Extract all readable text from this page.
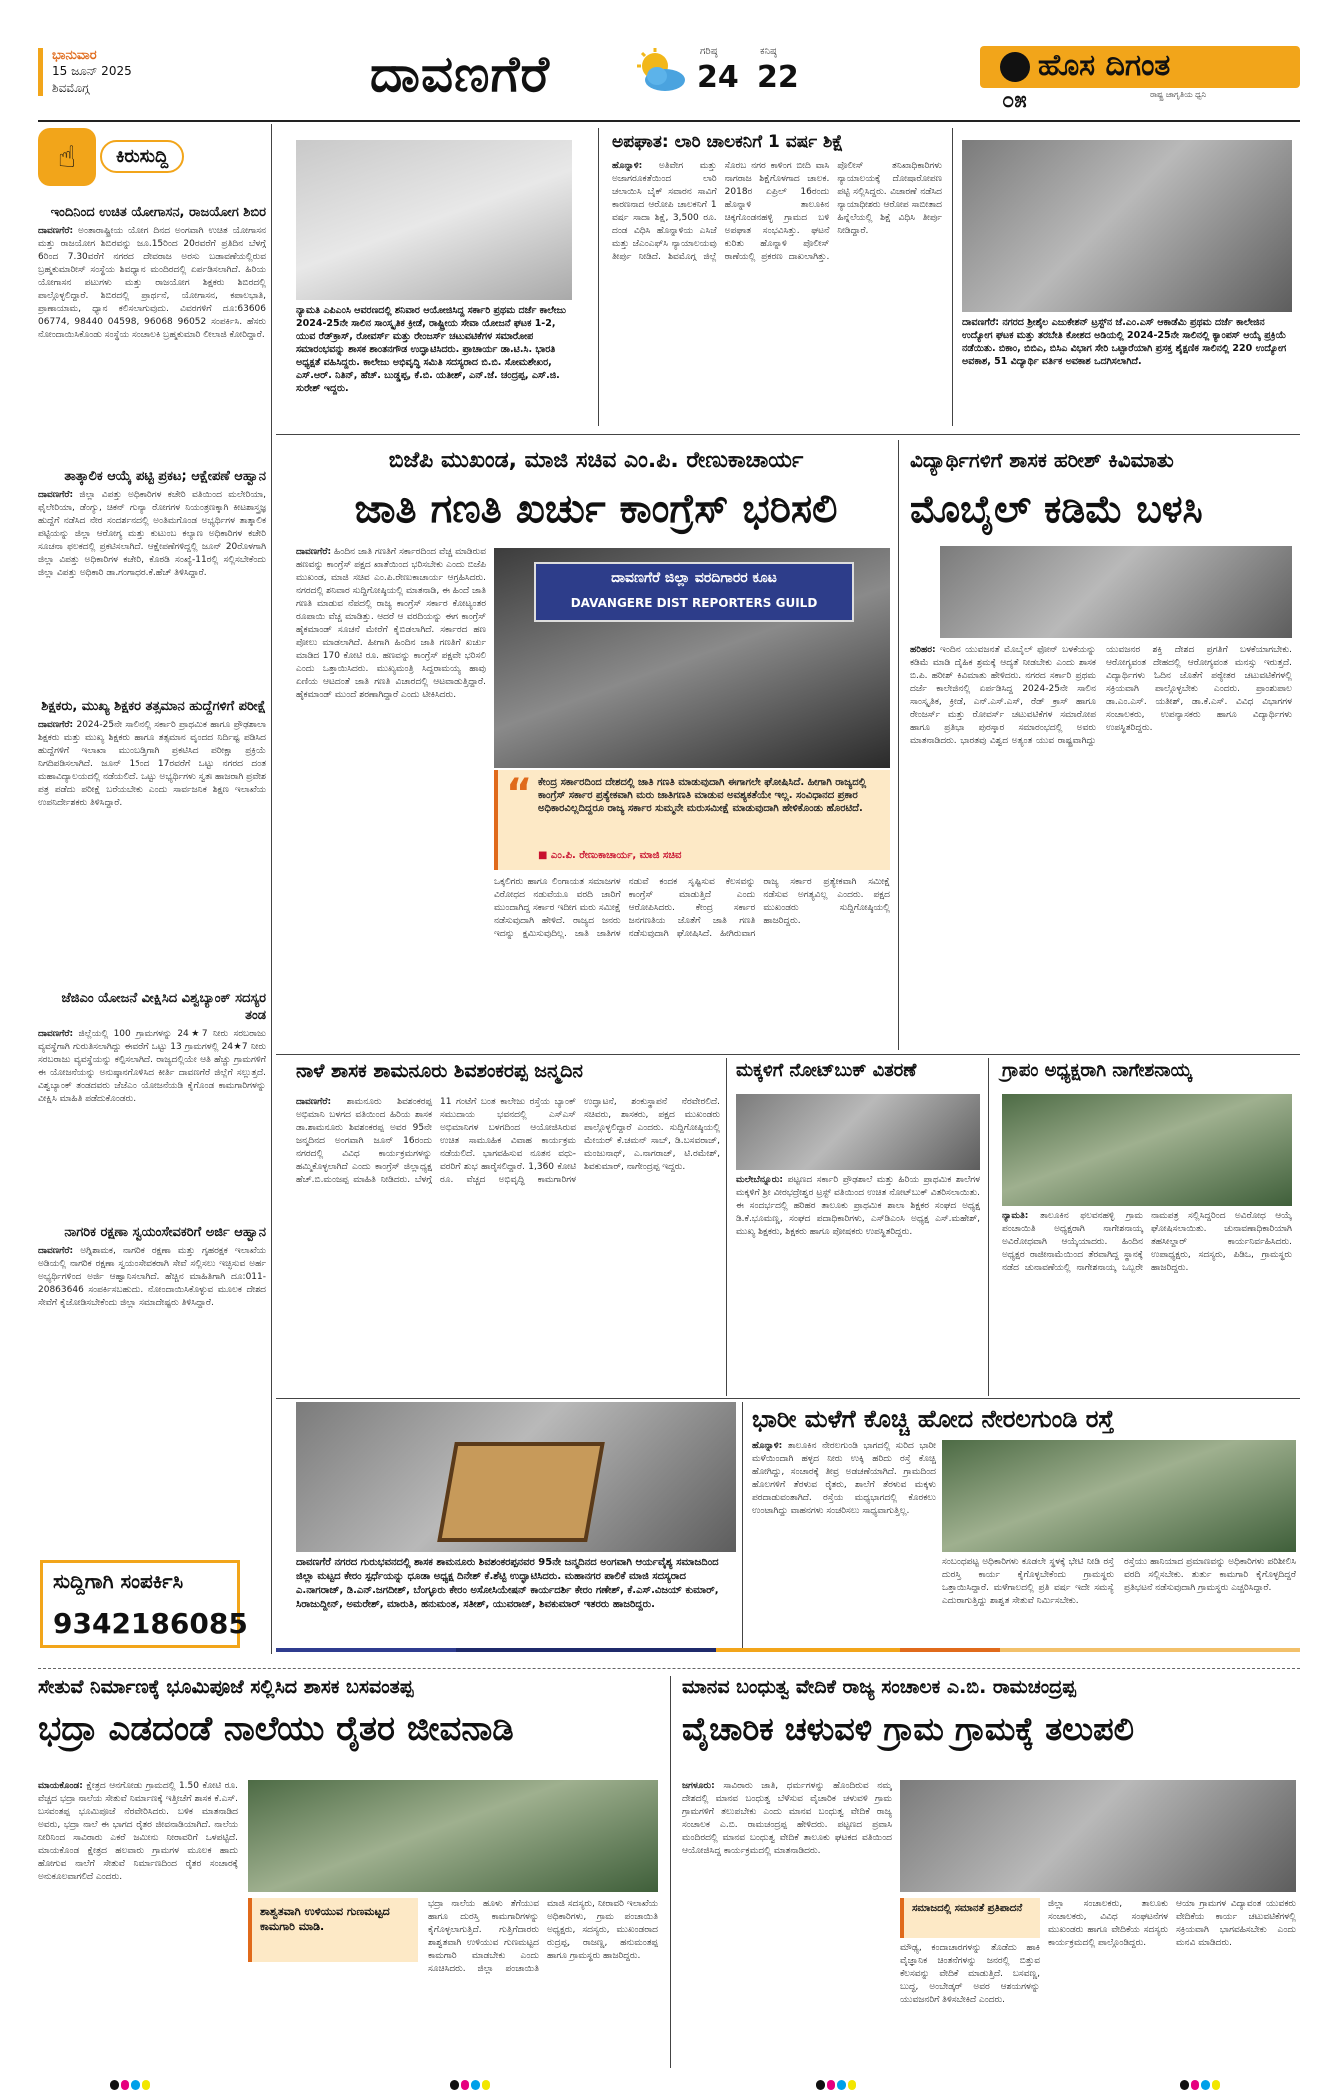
ಭಾನುವಾರ
15 ಜೂನ್ 2025
ಶಿವಮೊಗ್ಗ	ದಾವಣಗೆರೆ	ಗರಿಷ್ಠ
24
ಕನಿಷ್ಠ
22	ಹೊಸ ದಿಗಂತ
ರಾಷ್ಟ್ರ ಜಾಗೃತಿಯ ಧ್ವನಿ
೦೫
☝	ಕಿರುಸುದ್ದಿ
ಇಂದಿನಿಂದ ಉಚಿತ ಯೋಗಾಸನ, ರಾಜಯೋಗ ಶಿಬಿರ
ದಾವಣಗೆರೆ: ಅಂತಾರಾಷ್ಟ್ರೀಯ ಯೋಗ ದಿನದ ಅಂಗವಾಗಿ ಉಚಿತ ಯೋಗಾಸನ ಮತ್ತು ರಾಜಯೋಗ ಶಿಬಿರವನ್ನು ಜೂ.15ರಿಂದ 20ರವರೆಗೆ ಪ್ರತಿದಿನ ಬೆಳಗ್ಗೆ 6ರಿಂದ 7.30ವರೆಗೆ ನಗರದ ದೇವರಾಜ ಅರಸು ಬಡಾವಣೆಯಲ್ಲಿರುವ ಬ್ರಹ್ಮಕುಮಾರೀಸ್ ಸಂಸ್ಥೆಯ ಶಿವಧ್ಯಾನ ಮಂದಿರದಲ್ಲಿ ಏರ್ಪಡಿಸಲಾಗಿದೆ. ಹಿರಿಯ ಯೋಗಾಸನ ಪಟುಗಳು ಮತ್ತು ರಾಜಯೋಗ ಶಿಕ್ಷಕರು ಶಿಬಿರದಲ್ಲಿ ಪಾಲ್ಗೊಳ್ಳಲಿದ್ದಾರೆ. ಶಿಬಿರದಲ್ಲಿ ಪ್ರಾರ್ಥನೆ, ಯೋಗಾಸನ, ಕಪಾಲಭಾತಿ, ಪ್ರಾಣಾಯಾಮ, ಧ್ಯಾನ ಕಲಿಸಲಾಗುವುದು. ವಿವರಗಳಿಗೆ ದೂ:63606 06774, 98440 04598, 96068 96052 ಸಂಪರ್ಕಿಸಿ. ಹೆಸರು ನೋಂದಾಯಿಸಿಕೊಂಡು ಸಂಸ್ಥೆಯ ಸಂಚಾಲಕಿ ಬ್ರಹ್ಮಕುಮಾರಿ ಲೀಲಾಜಿ ಕೋರಿದ್ದಾರೆ.
ತಾತ್ಕಾಲಿಕ ಆಯ್ಕೆ ಪಟ್ಟಿ ಪ್ರಕಟ; ಆಕ್ಷೇಪಣೆ ಆಹ್ವಾನ
ದಾವಣಗೆರೆ: ಜಿಲ್ಲಾ ವಿಪತ್ತು ಅಧಿಕಾರಿಗಳ ಕಚೇರಿ ವತಿಯಿಂದ ಮಲೇರಿಯಾ, ಫೈಲೇರಿಯಾ, ಡೆಂಗ್ಯು, ಚಿಕನ್ ಗುನ್ಯಾ ರೋಗಗಳ ನಿಯಂತ್ರಣಕ್ಕಾಗಿ ಕೀಟಶಾಸ್ತ್ರಜ್ಞ ಹುದ್ದೆಗೆ ನಡೆಸಿದ ನೇರ ಸಂದರ್ಶನದಲ್ಲಿ ಅಂತಿಮಗೊಂಡ ಅಭ್ಯರ್ಥಿಗಳ ತಾತ್ಕಾಲಿಕ ಪಟ್ಟಿಯನ್ನು ಜಿಲ್ಲಾ ಆರೋಗ್ಯ ಮತ್ತು ಕುಟುಂಬ ಕಲ್ಯಾಣ ಅಧಿಕಾರಿಗಳ ಕಚೇರಿ ಸೂಚನಾ ಫಲಕದಲ್ಲಿ ಪ್ರಕಟಿಸಲಾಗಿದೆ. ಆಕ್ಷೇಪಣೆಗಳಿದ್ದಲ್ಲಿ ಜೂನ್ 20ರೊಳಗಾಗಿ ಜಿಲ್ಲಾ ವಿಪತ್ತು ಅಧಿಕಾರಿಗಳ ಕಚೇರಿ, ಕೊಠಡಿ ಸಂಖ್ಯೆ-11ರಲ್ಲಿ ಸಲ್ಲಿಸಬೇಕೆಂದು ಜಿಲ್ಲಾ ವಿಪತ್ತು ಅಧಿಕಾರಿ ಡಾ.ಗಂಗಾಧರ.ಕೆ.ಹೆಚ್ ತಿಳಿಸಿದ್ದಾರೆ.
ಶಿಕ್ಷಕರು, ಮುಖ್ಯ ಶಿಕ್ಷಕರ ತತ್ಸಮಾನ ಹುದ್ದೆಗಳಿಗೆ ಪರೀಕ್ಷೆ
ದಾವಣಗೆರೆ: 2024-25ನೇ ಸಾಲಿನಲ್ಲಿ ಸರ್ಕಾರಿ ಪ್ರಾಥಮಿಕ ಹಾಗೂ ಪ್ರೌಢಶಾಲಾ ಶಿಕ್ಷಕರು ಮತ್ತು ಮುಖ್ಯ ಶಿಕ್ಷಕರು ಹಾಗೂ ತತ್ಸಮಾನ ವೃಂದದ ನಿರ್ದಿಷ್ಟ ಪಡಿಸಿದ ಹುದ್ದೆಗಳಿಗೆ ಇಲಾಖಾ ಮುಂಬಡ್ತಿಗಾಗಿ ಪ್ರಕಟಿಸಿದ ಪರೀಕ್ಷಾ ಪ್ರಕ್ರಿಯೆ ನಿಗದಿಪಡಿಸಲಾಗಿದೆ. ಜೂನ್ 15ಂದ 17ರವರೆಗೆ ಒಟ್ಟು ನಗರದ ದಂತ ಮಹಾವಿದ್ಯಾಲಯದಲ್ಲಿ ನಡೆಯಲಿದೆ. ಒಟ್ಟು ಅಭ್ಯರ್ಥಿಗಳು ಸ್ವತಃ ಹಾಜರಾಗಿ ಪ್ರವೇಶ ಪತ್ರ ಪಡೆದು ಪರೀಕ್ಷೆ ಬರೆಯಬೇಕು ಎಂದು ಸಾರ್ವಜನಿಕ ಶಿಕ್ಷಣ ಇಲಾಖೆಯ ಉಪನಿರ್ದೇಶಕರು ತಿಳಿಸಿದ್ದಾರೆ.
ಜೆಜಿಎಂ ಯೋಜನೆ ವೀಕ್ಷಿಸಿದ ವಿಶ್ವಬ್ಯಾಂಕ್ ಸದಸ್ಯರ ತಂಡ
ದಾವಣಗೆರೆ: ಜಿಲ್ಲೆಯಲ್ಲಿ 100 ಗ್ರಾಮಗಳನ್ನು 24★7 ನೀರು ಸರಬರಾಜು ವ್ಯವಸ್ಥೆಗಾಗಿ ಗುರುತಿಸಲಾಗಿದ್ದು ಈವರೆಗೆ ಒಟ್ಟು 13 ಗ್ರಾಮಗಳಲ್ಲಿ 24★7 ನೀರು ಸರಬರಾಜು ವ್ಯವಸ್ಥೆಯನ್ನು ಕಲ್ಪಿಸಲಾಗಿದೆ. ರಾಜ್ಯದಲ್ಲಿಯೇ ಆತಿ ಹೆಚ್ಚು ಗ್ರಾಮಗಳಿಗೆ ಈ ಯೋಜನೆಯನ್ನು ಅನುಷ್ಠಾನಗೊಳಿಸಿದ ಕೀರ್ತಿ ದಾವಣಗೆರೆ ಜಿಲ್ಲೆಗೆ ಸಲ್ಲುತ್ತದೆ. ವಿಶ್ವಬ್ಯಾಂಕ್ ತಂಡದವರು ಜೆಜೆಎಂ ಯೋಜನೆಯಡಿ ಕೈಗೊಂಡ ಕಾಮಗಾರಿಗಳನ್ನು ವೀಕ್ಷಿಸಿ ಮಾಹಿತಿ ಪಡೆದುಕೊಂಡರು.
ನಾಗರಿಕ ರಕ್ಷಣಾ ಸ್ವಯಂಸೇವಕರಿಗೆ ಅರ್ಜಿ ಆಹ್ವಾನ
ದಾವಣಗೆರೆ: ಅಗ್ನಿಶಾಮಕ, ನಾಗರಿಕ ರಕ್ಷಣಾ ಮತ್ತು ಗೃಹರಕ್ಷಕ ಇಲಾಖೆಯ ಅಡಿಯಲ್ಲಿ ನಾಗರಿಕ ರಕ್ಷಣಾ ಸ್ವಯಂಸೇವಕರಾಗಿ ಸೇವೆ ಸಲ್ಲಿಸಲು ಇಚ್ಛಿಸುವ ಅರ್ಹ ಅಭ್ಯರ್ಥಿಗಳಿಂದ ಅರ್ಜಿ ಆಹ್ವಾನಿಸಲಾಗಿದೆ. ಹೆಚ್ಚಿನ ಮಾಹಿತಿಗಾಗಿ ದೂ:011-20863646 ಸಂಪರ್ಕಿಸಬಹುದು. ನೋಂದಾಯಿಸಿಕೊಳ್ಳುವ ಮೂಲಕ ದೇಶದ ಸೇವೆಗೆ ಕೈಜೋಡಿಸಬೇಕೆಂದು ಜಿಲ್ಲಾ ಸಮಾದೇಷ್ಟರು ತಿಳಿಸಿದ್ದಾರೆ.
ಸುದ್ದಿಗಾಗಿ ಸಂಪರ್ಕಿಸಿ
9342186085
ನ್ಯಾಮತಿ ಎಪಿಎಂಸಿ ಆವರಣದಲ್ಲಿ ಶನಿವಾರ ಆಯೋಜಿಸಿದ್ದ ಸರ್ಕಾರಿ ಪ್ರಥಮ ದರ್ಜೆ ಕಾಲೇಜು 2024-25ನೇ ಸಾಲಿನ ಸಾಂಸ್ಕೃತಿಕ ಕ್ರೀಡೆ, ರಾಷ್ಟ್ರೀಯ ಸೇವಾ ಯೋಜನೆ ಘಟಕ 1-2, ಯುವ ರೆಡ್‌ಕ್ರಾಸ್, ರೋವರ್ಸ್ ಮತ್ತು ರೇಂಜರ್ಸ್ ಚಟುವಟಿಕೆಗಳ ಸಮಾರೋಪ ಸಮಾರಂಭವನ್ನು ಶಾಸಕ ಶಾಂತನಗೌಡ ಉದ್ಘಾಟಿಸಿದರು. ಪ್ರಾಚಾರ್ಯ ಡಾ.ಟಿ.ಸಿ. ಭಾರತಿ ಅಧ್ಯಕ್ಷತೆ ವಹಿಸಿದ್ದರು. ಕಾಲೇಜು ಅಭಿವೃದ್ಧಿ ಸಮಿತಿ ಸದಸ್ಯರಾದ ಬಿ.ಬಿ. ಸೋಮಶೇಖರ, ಎಸ್.ಆರ್. ನಿತಿನ್, ಹೆಚ್. ಬುಡ್ಡಪ್ಪ, ಕೆ.ಬಿ. ಯತೀಶ್, ಎನ್.ಜೆ. ಚಂದ್ರಪ್ಪ, ಎಸ್.ಜಿ. ಸುರೇಶ್ ಇದ್ದರು.
ಅಪಘಾತ: ಲಾರಿ ಚಾಲಕನಿಗೆ 1 ವರ್ಷ ಶಿಕ್ಷೆ
ಹೊನ್ನಾಳಿ: ಅತಿವೇಗ ಮತ್ತು ಅಜಾಗರೂಕತೆಯಿಂದ ಲಾರಿ ಚಲಾಯಿಸಿ ಬೈಕ್ ಸವಾರನ ಸಾವಿಗೆ ಕಾರಣನಾದ ಆರೋಪಿ ಚಾಲಕನಿಗೆ 1 ವರ್ಷ ಸಾದಾ ಶಿಕ್ಷೆ, 3,500 ರೂ. ದಂಡ ವಿಧಿಸಿ ಹೊನ್ನಾಳಿಯ ಎಸಿಜೆ ಮತ್ತು ಜೆಎಂಎಫ್‌ಸಿ ನ್ಯಾಯಾಲಯವು ತೀರ್ಪು ನೀಡಿದೆ. ಶಿವಮೊಗ್ಗ ಜಿಲ್ಲೆ ಸೊರಬ ನಗರ ಕಾಳಿಂಗ ಬೀದಿ ವಾಸಿ ನಾಗರಾಜ ಶಿಕ್ಷೆಗೊಳಗಾದ ಚಾಲಕ. 2018ರ ಏಪ್ರಿಲ್ 16ರಂದು ಹೊನ್ನಾಳಿ ತಾಲೂಕಿನ ಚಿಕ್ಕಗೊಂಡನಹಳ್ಳಿ ಗ್ರಾಮದ ಬಳಿ ಅಪಘಾತ ಸಂಭವಿಸಿತ್ತು. ಘಟನೆ ಕುರಿತು ಹೊನ್ನಾಳಿ ಪೊಲೀಸ್ ಠಾಣೆಯಲ್ಲಿ ಪ್ರಕರಣ ದಾಖಲಾಗಿತ್ತು. ಪೊಲೀಸ್ ತನಿಖಾಧಿಕಾರಿಗಳು ನ್ಯಾಯಾಲಯಕ್ಕೆ ದೋಷಾರೋಪಣ ಪಟ್ಟಿ ಸಲ್ಲಿಸಿದ್ದರು. ವಿಚಾರಣೆ ನಡೆಸಿದ ನ್ಯಾಯಾಧೀಶರು ಆರೋಪ ಸಾಬೀತಾದ ಹಿನ್ನೆಲೆಯಲ್ಲಿ ಶಿಕ್ಷೆ ವಿಧಿಸಿ ತೀರ್ಪು ನೀಡಿದ್ದಾರೆ.
ದಾವಣಗೆರೆ: ನಗರದ ಶ್ರೀಶೈಲ ಎಜುಕೇಶನ್ ಟ್ರಸ್ಟ್‌ನ ಜೆ.ಎಂ.ಎಸ್ ಆಕಾಡೆಮಿ ಪ್ರಥಮ ದರ್ಜೆ ಕಾಲೇಜಿನ ಉದ್ಯೋಗ ಘಟಕ ಮತ್ತು ತರಬೇತಿ ಕೋಶದ ಅಡಿಯಲ್ಲಿ 2024-25ನೇ ಸಾಲಿನಲ್ಲಿ ಕ್ಯಾಂಪಸ್ ಆಯ್ಕೆ ಪ್ರಕ್ರಿಯೆ ನಡೆಯಿತು. ಬಿಕಾಂ, ಬಿಬಿಎ, ಬಿಸಿಎ ವಿಭಾಗ ಸೇರಿ ಒಟ್ಟಾರೆಯಾಗಿ ಪ್ರಸಕ್ತ ಶೈಕ್ಷಣಿಕ ಸಾಲಿನಲ್ಲಿ 220 ಉದ್ಯೋಗ ಅವಕಾಶ, 51 ವಿದ್ಯಾರ್ಥಿ ವರ್ತಿಕ ಅವಕಾಶ ಒದಗಿಸಲಾಗಿದೆ.
ಬಿಜೆಪಿ ಮುಖಂಡ, ಮಾಜಿ ಸಚಿವ ಎಂ.ಪಿ. ರೇಣುಕಾಚಾರ್ಯ
ಜಾತಿ ಗಣತಿ ಖರ್ಚು ಕಾಂಗ್ರೆಸ್ ಭರಿಸಲಿ
ದಾವಣಗೆರೆ: ಹಿಂದಿನ ಜಾತಿ ಗಣತಿಗೆ ಸರ್ಕಾರದಿಂದ ವೆಚ್ಚ ಮಾಡಿರುವ ಹಣವನ್ನು ಕಾಂಗ್ರೆಸ್ ಪಕ್ಷದ ಖಾತೆಯಿಂದ ಭರಿಸಬೇಕು ಎಂದು ಬಿಜೆಪಿ ಮುಖಂಡ, ಮಾಜಿ ಸಚಿವ ಎಂ.ಪಿ.ರೇಣುಕಾಚಾರ್ಯ ಆಗ್ರಹಿಸಿದರು. ನಗರದಲ್ಲಿ ಶನಿವಾರ ಸುದ್ದಿಗೋಷ್ಠಿಯಲ್ಲಿ ಮಾತನಾಡಿ, ಈ ಹಿಂದೆ ಜಾತಿ ಗಣತಿ ಮಾಡುವ ನೆಪದಲ್ಲಿ ರಾಜ್ಯ ಕಾಂಗ್ರೆಸ್ ಸರ್ಕಾರ ಕೋಟ್ಯಂತರ ರೂಪಾಯಿ ವೆಚ್ಚ ಮಾಡಿತ್ತು. ಆದರೆ ಆ ವರದಿಯನ್ನು ಈಗ ಕಾಂಗ್ರೆಸ್ ಹೈಕಮಾಂಡ್ ಸೂಚನೆ ಮೇರೆಗೆ ಕೈಬಿಡಲಾಗಿದೆ. ಸರ್ಕಾರದ ಹಣ ಪೋಲು ಮಾಡಲಾಗಿದೆ. ಹೀಗಾಗಿ ಹಿಂದಿನ ಜಾತಿ ಗಣತಿಗೆ ಖರ್ಚು ಮಾಡಿದ 170 ಕೋಟಿ ರೂ. ಹಣವನ್ನು ಕಾಂಗ್ರೆಸ್ ಪಕ್ಷವೇ ಭರಿಸಲಿ ಎಂದು ಒತ್ತಾಯಿಸಿದರು. ಮುಖ್ಯಮಂತ್ರಿ ಸಿದ್ದರಾಮಯ್ಯ ಹಾವು ಏಣಿಯ ಆಟದಂತೆ ಜಾತಿ ಗಣತಿ ವಿಚಾರದಲ್ಲಿ ಆಟವಾಡುತ್ತಿದ್ದಾರೆ. ಹೈಕಮಾಂಡ್ ಮುಂದೆ ಶರಣಾಗಿದ್ದಾರೆ ಎಂದು ಟೀಕಿಸಿದರು.
ದಾವಣಗೆರೆ ಜಿಲ್ಲಾ ವರದಿಗಾರರ ಕೂಟ
DAVANGERE DIST REPORTERS GUILD
“ ಕೇಂದ್ರ ಸರ್ಕಾರದಿಂದ ದೇಶದಲ್ಲಿ ಜಾತಿ ಗಣತಿ ಮಾಡುವುದಾಗಿ ಈಗಾಗಲೇ ಘೋಷಿಸಿದೆ. ಹೀಗಾಗಿ ರಾಜ್ಯದಲ್ಲಿ ಕಾಂಗ್ರೆಸ್ ಸರ್ಕಾರ ಪ್ರತ್ಯೇಕವಾಗಿ ಮರು ಜಾತಿಗಣತಿ ಮಾಡುವ ಅವಶ್ಯಕತೆಯೇ ಇಲ್ಲ. ಸಂವಿಧಾನದ ಪ್ರಕಾರ ಅಧಿಕಾರವಿಲ್ಲದಿದ್ದರೂ ರಾಜ್ಯ ಸರ್ಕಾರ ಸುಮ್ಮನೇ ಮರುಸಮೀಕ್ಷೆ ಮಾಡುವುದಾಗಿ ಹೇಳಿಕೊಂಡು ಹೊರಟಿದೆ.
■ ಎಂ.ಪಿ. ರೇಣುಕಾಚಾರ್ಯ, ಮಾಜಿ ಸಚಿವ
ಒಕ್ಕಲಿಗರು ಹಾಗೂ ಲಿಂಗಾಯತ ಸಮಾಜಗಳ ವಿರೋಧದ ನಡುವೆಯೂ ವರದಿ ಜಾರಿಗೆ ಮುಂದಾಗಿದ್ದ ಸರ್ಕಾರ ಇದೀಗ ಮರು ಸಮೀಕ್ಷೆ ನಡೆಸುವುದಾಗಿ ಹೇಳಿದೆ. ರಾಜ್ಯದ ಜನರು ಇದನ್ನು ಕ್ಷಮಿಸುವುದಿಲ್ಲ. ಜಾತಿ ಜಾತಿಗಳ ನಡುವೆ ಕಂದಕ ಸೃಷ್ಟಿಸುವ ಕೆಲಸವನ್ನು ಕಾಂಗ್ರೆಸ್ ಮಾಡುತ್ತಿದೆ ಎಂದು ಆರೋಪಿಸಿದರು. ಕೇಂದ್ರ ಸರ್ಕಾರ ಜನಗಣತಿಯ ಜೊತೆಗೆ ಜಾತಿ ಗಣತಿ ನಡೆಸುವುದಾಗಿ ಘೋಷಿಸಿದೆ. ಹೀಗಿರುವಾಗ ರಾಜ್ಯ ಸರ್ಕಾರ ಪ್ರತ್ಯೇಕವಾಗಿ ಸಮೀಕ್ಷೆ ನಡೆಸುವ ಅಗತ್ಯವಿಲ್ಲ ಎಂದರು. ಪಕ್ಷದ ಮುಖಂಡರು ಸುದ್ದಿಗೋಷ್ಠಿಯಲ್ಲಿ ಹಾಜರಿದ್ದರು.
ವಿದ್ಯಾರ್ಥಿಗಳಿಗೆ ಶಾಸಕ ಹರೀಶ್ ಕಿವಿಮಾತು
ಮೊಬೈಲ್ ಕಡಿಮೆ ಬಳಸಿ
ಹರಿಹರ: ಇಂದಿನ ಯುವಜನತೆ ಮೊಬೈಲ್ ಫೋನ್ ಬಳಕೆಯನ್ನು ಕಡಿಮೆ ಮಾಡಿ ದೈಹಿಕ ಶ್ರಮಕ್ಕೆ ಆದ್ಯತೆ ನೀಡಬೇಕು ಎಂದು ಶಾಸಕ ಬಿ.ಪಿ. ಹರೀಶ್ ಕಿವಿಮಾತು ಹೇಳಿದರು. ನಗರದ ಸರ್ಕಾರಿ ಪ್ರಥಮ ದರ್ಜೆ ಕಾಲೇಜಿನಲ್ಲಿ ಏರ್ಪಡಿಸಿದ್ದ 2024-25ನೇ ಸಾಲಿನ ಸಾಂಸ್ಕೃತಿಕ, ಕ್ರೀಡೆ, ಎನ್.ಎಸ್.ಎಸ್, ರೆಡ್ ಕ್ರಾಸ್ ಹಾಗೂ ರೇಂಜರ್ಸ್ ಮತ್ತು ರೋವರ್ಸ್ ಚಟುವಟಿಕೆಗಳ ಸಮಾರೋಪ ಹಾಗೂ ಪ್ರತಿಭಾ ಪುರಸ್ಕಾರ ಸಮಾರಂಭದಲ್ಲಿ ಅವರು ಮಾತನಾಡಿದರು. ಭಾರತವು ವಿಶ್ವದ ಅತ್ಯಂತ ಯುವ ರಾಷ್ಟ್ರವಾಗಿದ್ದು ಯುವಜನರ ಶಕ್ತಿ ದೇಶದ ಪ್ರಗತಿಗೆ ಬಳಕೆಯಾಗಬೇಕು. ಆರೋಗ್ಯವಂತ ದೇಹದಲ್ಲಿ ಆರೋಗ್ಯವಂತ ಮನಸ್ಸು ಇರುತ್ತದೆ. ವಿದ್ಯಾರ್ಥಿಗಳು ಓದಿನ ಜೊತೆಗೆ ಪಠ್ಯೇತರ ಚಟುವಟಿಕೆಗಳಲ್ಲಿ ಸಕ್ರಿಯವಾಗಿ ಪಾಲ್ಗೊಳ್ಳಬೇಕು ಎಂದರು. ಪ್ರಾಂಶುಪಾಲ ಡಾ.ಎಂ.ಎಸ್. ಯತೀಶ್, ಡಾ.ಕೆ.ಎಸ್. ವಿವಿಧ ವಿಭಾಗಗಳ ಸಂಚಾಲಕರು, ಉಪನ್ಯಾಸಕರು ಹಾಗೂ ವಿದ್ಯಾರ್ಥಿಗಳು ಉಪಸ್ಥಿತರಿದ್ದರು.
ನಾಳೆ ಶಾಸಕ ಶಾಮನೂರು ಶಿವಶಂಕರಪ್ಪ ಜನ್ಮದಿನ
ದಾವಣಗೆರೆ: ಶಾಮನೂರು ಶಿವಶಂಕರಪ್ಪ ಅಭಿಮಾನಿ ಬಳಗದ ವತಿಯಿಂದ ಹಿರಿಯ ಶಾಸಕ ಡಾ.ಶಾಮನೂರು ಶಿವಶಂಕರಪ್ಪ ಅವರ 95ನೇ ಜನ್ಮದಿನದ ಅಂಗವಾಗಿ ಜೂನ್ 16ರಂದು ನಗರದಲ್ಲಿ ವಿವಿಧ ಕಾರ್ಯಕ್ರಮಗಳನ್ನು ಹಮ್ಮಿಕೊಳ್ಳಲಾಗಿದೆ ಎಂದು ಕಾಂಗ್ರೆಸ್ ಜಿಲ್ಲಾಧ್ಯಕ್ಷ ಹೆಚ್.ಬಿ.ಮಂಜಪ್ಪ ಮಾಹಿತಿ ನೀಡಿದರು. ಬೆಳಗ್ಗೆ 11 ಗಂಟೆಗೆ ಬಂತ ಕಾಲೇಜು ರಸ್ತೆಯ ಬ್ಯಾಂಕ್ ಸಮುದಾಯ ಭವನದಲ್ಲಿ ಎಸ್ಎಸ್ ಅಭಿಮಾನಿಗಳ ಬಳಗದಿಂದ ಆಯೋಜಿಸಿರುವ ಉಚಿತ ಸಾಮೂಹಿಕ ವಿವಾಹ ಕಾರ್ಯಕ್ರಮ ನಡೆಯಲಿದೆ. ಭಾಗವಹಿಸುವ ನೂತನ ವಧು-ವರರಿಗೆ ಶುಭ ಹಾರೈಸಲಿದ್ದಾರೆ. 1,360 ಕೋಟಿ ರೂ. ವೆಚ್ಚದ ಅಭಿವೃದ್ಧಿ ಕಾಮಗಾರಿಗಳ ಉದ್ಘಾಟನೆ, ಶಂಕುಸ್ಥಾಪನೆ ನೆರವೇರಲಿದೆ. ಸಚಿವರು, ಶಾಸಕರು, ಪಕ್ಷದ ಮುಖಂಡರು ಪಾಲ್ಗೊಳ್ಳಲಿದ್ದಾರೆ ಎಂದರು. ಸುದ್ದಿಗೋಷ್ಠಿಯಲ್ಲಿ ಮೇಯರ್ ಕೆ.ಚಮನ್ ಸಾಬ್, ಡಿ.ಬಸವರಾಜ್, ಮಂಜುನಾಥ್, ಎ.ನಾಗರಾಜ್, ಟಿ.ರಮೇಶ್, ಶಿವಕುಮಾರ್, ನಾಗೇಂದ್ರಪ್ಪ ಇದ್ದರು.
ಮಕ್ಕಳಿಗೆ ನೋಟ್‌ಬುಕ್ ವಿತರಣೆ
ಮಲೇಬೆನ್ನೂರು: ಪಟ್ಟಣದ ಸರ್ಕಾರಿ ಪ್ರೌಢಶಾಲೆ ಮತ್ತು ಹಿರಿಯ ಪ್ರಾಥಮಿಕ ಶಾಲೆಗಳ ಮಕ್ಕಳಿಗೆ ಶ್ರೀ ವೀರಭದ್ರೇಶ್ವರ ಟ್ರಸ್ಟ್ ವತಿಯಿಂದ ಉಚಿತ ನೋಟ್‌ಬುಕ್ ವಿತರಿಸಲಾಯಿತು. ಈ ಸಂದರ್ಭದಲ್ಲಿ ಹರಿಹರ ತಾಲೂಕು ಪ್ರಾಥಮಿಕ ಶಾಲಾ ಶಿಕ್ಷಕರ ಸಂಘದ ಅಧ್ಯಕ್ಷ ಡಿ.ಕೆ.ಭೂಮಣ್ಣ, ಸಂಘದ ಪದಾಧಿಕಾರಿಗಳು, ಎಸ್‌ಡಿಎಂಸಿ ಅಧ್ಯಕ್ಷ ಎಸ್.ಮಹೇಶ್, ಮುಖ್ಯ ಶಿಕ್ಷಕರು, ಶಿಕ್ಷಕರು ಹಾಗೂ ಪೋಷಕರು ಉಪಸ್ಥಿತರಿದ್ದರು.
ಗ್ರಾಪಂ ಅಧ್ಯಕ್ಷರಾಗಿ ನಾಗೇಶನಾಯ್ಕ
ನ್ಯಾಮತಿ: ತಾಲೂಕಿನ ಫಲವನಹಳ್ಳಿ ಗ್ರಾಮ ಪಂಚಾಯಿತಿ ಅಧ್ಯಕ್ಷರಾಗಿ ನಾಗೇಶನಾಯ್ಕ ಅವಿರೋಧವಾಗಿ ಆಯ್ಕೆಯಾದರು. ಹಿಂದಿನ ಅಧ್ಯಕ್ಷರ ರಾಜೀನಾಮೆಯಿಂದ ತೆರವಾಗಿದ್ದ ಸ್ಥಾನಕ್ಕೆ ನಡೆದ ಚುನಾವಣೆಯಲ್ಲಿ ನಾಗೇಶನಾಯ್ಕ ಒಬ್ಬರೇ ನಾಮಪತ್ರ ಸಲ್ಲಿಸಿದ್ದರಿಂದ ಅವಿರೋಧ ಆಯ್ಕೆ ಘೋಷಿಸಲಾಯಿತು. ಚುನಾವಣಾಧಿಕಾರಿಯಾಗಿ ತಹಸೀಲ್ದಾರ್ ಕಾರ್ಯನಿರ್ವಹಿಸಿದರು. ಉಪಾಧ್ಯಕ್ಷರು, ಸದಸ್ಯರು, ಪಿಡಿಒ, ಗ್ರಾಮಸ್ಥರು ಹಾಜರಿದ್ದರು.
ದಾವಣಗೆರೆ ನಗರದ ಗುರುಭವನದಲ್ಲಿ ಶಾಸಕ ಶಾಮನೂರು ಶಿವಶಂಕರಪ್ಪನವರ 95ನೇ ಜನ್ಮದಿನದ ಅಂಗವಾಗಿ ಆರ್ಯವೈಶ್ಯ ಸಮಾಜದಿಂದ ಜಿಲ್ಲಾ ಮಟ್ಟದ ಕೇರಂ ಸ್ಪರ್ಧೆಯನ್ನು ಧೂಡಾ ಅಧ್ಯಕ್ಷ ದಿನೇಶ್ ಕೆ.ಶೆಟ್ಟಿ ಉದ್ಘಾಟಿಸಿದರು. ಮಹಾನಗರ ಪಾಲಿಕೆ ಮಾಜಿ ಸದಸ್ಯರಾದ ಎ.ನಾಗರಾಜ್, ಡಿ.ಎನ್.ಜಗದೀಶ್, ಬೆಂಗ್ಳೂರು ಕೇರಂ ಅಸೋಸಿಯೇಷನ್ ಕಾರ್ಯದರ್ಶಿ ಕೇರಂ ಗಣೇಶ್, ಕೆ.ಎಸ್.ವಿಜಯ್ ಕುಮಾರ್, ಸಿರಾಜುದ್ದೀನ್, ಅಮರೇಶ್, ಮಾರುತಿ, ಹನುಮಂತ, ಸತೀಶ್, ಯುವರಾಜ್, ಶಿವಕುಮಾರ್ ಇತರರು ಹಾಜರಿದ್ದರು.
ಭಾರೀ ಮಳೆಗೆ ಕೊಚ್ಚಿ ಹೋದ ನೇರಲಗುಂಡಿ ರಸ್ತೆ
ಹೊನ್ನಾಳಿ: ತಾಲೂಕಿನ ನೇರಲಗುಂಡಿ ಭಾಗದಲ್ಲಿ ಸುರಿದ ಭಾರೀ ಮಳೆಯಿಂದಾಗಿ ಹಳ್ಳದ ನೀರು ಉಕ್ಕಿ ಹರಿದು ರಸ್ತೆ ಕೊಚ್ಚಿ ಹೋಗಿದ್ದು, ಸಂಚಾರಕ್ಕೆ ತೀವ್ರ ಅಡಚಣೆಯಾಗಿದೆ. ಗ್ರಾಮದಿಂದ ಹೊಲಗಳಿಗೆ ತೆರಳುವ ರೈತರು, ಶಾಲೆಗೆ ತೆರಳುವ ಮಕ್ಕಳು ಪರದಾಡುವಂತಾಗಿದೆ. ರಸ್ತೆಯ ಮಧ್ಯಭಾಗದಲ್ಲಿ ಕೊರಕಲು ಉಂಟಾಗಿದ್ದು ವಾಹನಗಳು ಸಂಚರಿಸಲು ಸಾಧ್ಯವಾಗುತ್ತಿಲ್ಲ.
ಸಂಬಂಧಪಟ್ಟ ಅಧಿಕಾರಿಗಳು ಕೂಡಲೇ ಸ್ಥಳಕ್ಕೆ ಭೇಟಿ ನೀಡಿ ರಸ್ತೆ ದುರಸ್ತಿ ಕಾರ್ಯ ಕೈಗೊಳ್ಳಬೇಕೆಂದು ಗ್ರಾಮಸ್ಥರು ಒತ್ತಾಯಿಸಿದ್ದಾರೆ. ಮಳೆಗಾಲದಲ್ಲಿ ಪ್ರತಿ ವರ್ಷ ಇದೇ ಸಮಸ್ಯೆ ಎದುರಾಗುತ್ತಿದ್ದು ಶಾಶ್ವತ ಸೇತುವೆ ನಿರ್ಮಿಸಬೇಕು.
ರಸ್ತೆಯು ಹಾನಿಯಾದ ಪ್ರಮಾಣವನ್ನು ಅಧಿಕಾರಿಗಳು ಪರಿಶೀಲಿಸಿ ವರದಿ ಸಲ್ಲಿಸಬೇಕು. ತುರ್ತು ಕಾಮಗಾರಿ ಕೈಗೊಳ್ಳದಿದ್ದರೆ ಪ್ರತಿಭಟನೆ ನಡೆಸುವುದಾಗಿ ಗ್ರಾಮಸ್ಥರು ಎಚ್ಚರಿಸಿದ್ದಾರೆ.
ಸೇತುವೆ ನಿರ್ಮಾಣಕ್ಕೆ ಭೂಮಿಪೂಜೆ ಸಲ್ಲಿಸಿದ ಶಾಸಕ ಬಸವಂತಪ್ಪ
ಭದ್ರಾ ಎಡದಂಡೆ ನಾಲೆಯು ರೈತರ ಜೀವನಾಡಿ
ಮಾಯಕೊಂಡ: ಕ್ಷೇತ್ರದ ಆನಗೋಡು ಗ್ರಾಮದಲ್ಲಿ 1.50 ಕೋಟಿ ರೂ. ವೆಚ್ಚದ ಭದ್ರಾ ನಾಲೆಯ ಸೇತುವೆ ನಿರ್ಮಾಣಕ್ಕೆ ಇತ್ತೀಚೆಗೆ ಶಾಸಕ ಕೆ.ಎಸ್. ಬಸವಂತಪ್ಪ ಭೂಮಿಪೂಜೆ ನೆರವೇರಿಸಿದರು. ಬಳಿಕ ಮಾತನಾಡಿದ ಅವರು, ಭದ್ರಾ ನಾಲೆ ಈ ಭಾಗದ ರೈತರ ಜೀವನಾಡಿಯಾಗಿದೆ. ನಾಲೆಯ ನೀರಿನಿಂದ ಸಾವಿರಾರು ಎಕರೆ ಜಮೀನು ನೀರಾವರಿಗೆ ಒಳಪಟ್ಟಿದೆ. ಮಾಯಕೊಂಡ ಕ್ಷೇತ್ರದ ಹಲವಾರು ಗ್ರಾಮಗಳ ಮೂಲಕ ಹಾದು ಹೋಗುವ ನಾಲೆಗೆ ಸೇತುವೆ ನಿರ್ಮಾಣದಿಂದ ರೈತರ ಸಂಚಾರಕ್ಕೆ ಅನುಕೂಲವಾಗಲಿದೆ ಎಂದರು.
ಶಾಶ್ವತವಾಗಿ ಉಳಿಯುವ ಗುಣಮಟ್ಟದ ಕಾಮಗಾರಿ ಮಾಡಿ.
ಭದ್ರಾ ನಾಲೆಯ ಹೂಳು ತೆಗೆಯುವ ಹಾಗೂ ದುರಸ್ತಿ ಕಾಮಗಾರಿಗಳನ್ನು ಕೈಗೊಳ್ಳಲಾಗುತ್ತಿದೆ. ಗುತ್ತಿಗೆದಾರರು ಶಾಶ್ವತವಾಗಿ ಉಳಿಯುವ ಗುಣಮಟ್ಟದ ಕಾಮಗಾರಿ ಮಾಡಬೇಕು ಎಂದು ಸೂಚಿಸಿದರು. ಜಿಲ್ಲಾ ಪಂಚಾಯಿತಿ ಮಾಜಿ ಸದಸ್ಯರು, ನೀರಾವರಿ ಇಲಾಖೆಯ ಅಧಿಕಾರಿಗಳು, ಗ್ರಾಮ ಪಂಚಾಯಿತಿ ಅಧ್ಯಕ್ಷರು, ಸದಸ್ಯರು, ಮುಖಂಡರಾದ ರುದ್ರಪ್ಪ, ರಾಜಣ್ಣ, ಹನುಮಂತಪ್ಪ ಹಾಗೂ ಗ್ರಾಮಸ್ಥರು ಹಾಜರಿದ್ದರು.
ಮಾನವ ಬಂಧುತ್ವ ವೇದಿಕೆ ರಾಜ್ಯ ಸಂಚಾಲಕ ಎ.ಬಿ. ರಾಮಚಂದ್ರಪ್ಪ
ವೈಚಾರಿಕ ಚಳುವಳಿ ಗ್ರಾಮ ಗ್ರಾಮಕ್ಕೆ ತಲುಪಲಿ
ಜಗಳೂರು: ಸಾವಿರಾರು ಜಾತಿ, ಧರ್ಮಗಳನ್ನು ಹೊಂದಿರುವ ನಮ್ಮ ದೇಶದಲ್ಲಿ ಮಾನವ ಬಂಧುತ್ವ ಬೆಳೆಸುವ ವೈಚಾರಿಕ ಚಳುವಳಿ ಗ್ರಾಮ ಗ್ರಾಮಗಳಿಗೆ ತಲುಪಬೇಕು ಎಂದು ಮಾನವ ಬಂಧುತ್ವ ವೇದಿಕೆ ರಾಜ್ಯ ಸಂಚಾಲಕ ಎ.ಬಿ. ರಾಮಚಂದ್ರಪ್ಪ ಹೇಳಿದರು. ಪಟ್ಟಣದ ಪ್ರವಾಸಿ ಮಂದಿರದಲ್ಲಿ ಮಾನವ ಬಂಧುತ್ವ ವೇದಿಕೆ ತಾಲೂಕು ಘಟಕದ ವತಿಯಿಂದ ಆಯೋಜಿಸಿದ್ದ ಕಾರ್ಯಕ್ರಮದಲ್ಲಿ ಮಾತನಾಡಿದರು.
ಸಮಾಜದಲ್ಲಿ ಸಮಾನತೆ ಪ್ರತಿಪಾದನೆ
ಮೌಢ್ಯ, ಕಂದಾಚಾರಗಳನ್ನು ತೊಡೆದು ಹಾಕಿ ವೈಜ್ಞಾನಿಕ ಚಿಂತನೆಗಳನ್ನು ಜನರಲ್ಲಿ ಬಿತ್ತುವ ಕೆಲಸವನ್ನು ವೇದಿಕೆ ಮಾಡುತ್ತಿದೆ. ಬಸವಣ್ಣ, ಬುದ್ಧ, ಅಂಬೇಡ್ಕರ್ ಅವರ ಆಶಯಗಳನ್ನು ಯುವಜನರಿಗೆ ತಿಳಿಸಬೇಕಿದೆ ಎಂದರು.
ಜಿಲ್ಲಾ ಸಂಚಾಲಕರು, ತಾಲೂಕು ಸಂಚಾಲಕರು, ವಿವಿಧ ಸಂಘಟನೆಗಳ ಮುಖಂಡರು ಹಾಗೂ ವೇದಿಕೆಯ ಸದಸ್ಯರು ಕಾರ್ಯಕ್ರಮದಲ್ಲಿ ಪಾಲ್ಗೊಂಡಿದ್ದರು.
ಆಯಾ ಗ್ರಾಮಗಳ ವಿದ್ಯಾವಂತ ಯುವಕರು ವೇದಿಕೆಯ ಕಾರ್ಯ ಚಟುವಟಿಕೆಗಳಲ್ಲಿ ಸಕ್ರಿಯವಾಗಿ ಭಾಗವಹಿಸಬೇಕು ಎಂದು ಮನವಿ ಮಾಡಿದರು.
